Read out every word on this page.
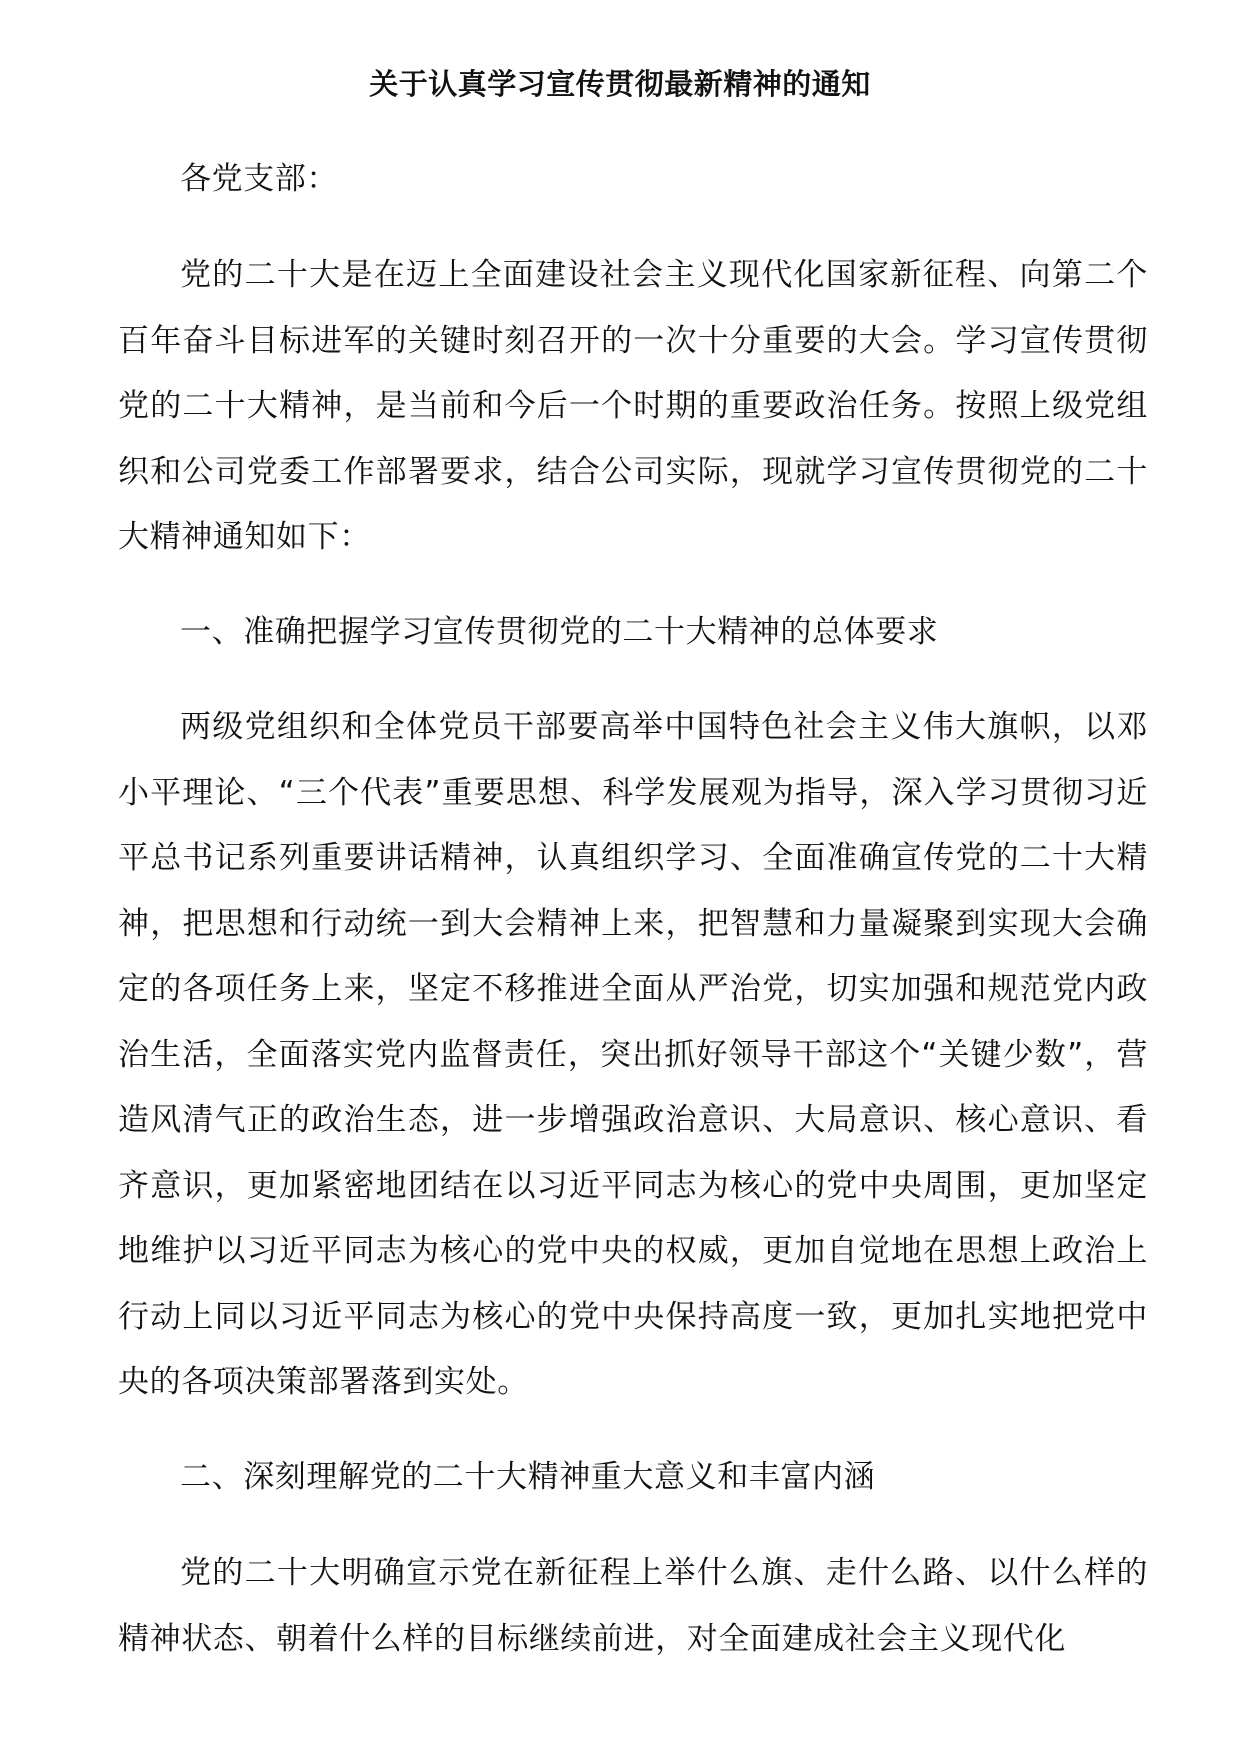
关于认真学习宣传贯彻最新精神的通知

各党支部：

党的二十大是在迈上全面建设社会主义现代化国家新征程、向第二个百年奋斗目标进军的关键时刻召开的一次十分重要的大会。学习宣传贯彻党的二十大精神，是当前和今后一个时期的重要政治任务。按照上级党组织和公司党委工作部署要求，结合公司实际，现就学习宣传贯彻党的二十大精神通知如下：

一、准确把握学习宣传贯彻党的二十大精神的总体要求

两级党组织和全体党员干部要高举中国特色社会主义伟大旗帜，以邓小平理论、“三个代表”重要思想、科学发展观为指导，深入学习贯彻习近平总书记系列重要讲话精神，认真组织学习、全面准确宣传党的二十大精神，把思想和行动统一到大会精神上来，把智慧和力量凝聚到实现大会确定的各项任务上来，坚定不移推进全面从严治党，切实加强和规范党内政治生活，全面落实党内监督责任，突出抓好领导干部这个“关键少数”，营造风清气正的政治生态，进一步增强政治意识、大局意识、核心意识、看齐意识，更加紧密地团结在以习近平同志为核心的党中央周围，更加坚定地维护以习近平同志为核心的党中央的权威，更加自觉地在思想上政治上行动上同以习近平同志为核心的党中央保持高度一致，更加扎实地把党中央的各项决策部署落到实处。

二、深刻理解党的二十大精神重大意义和丰富内涵

党的二十大明确宣示党在新征程上举什么旗、走什么路、以什么样的精神状态、朝着什么样的目标继续前进，对全面建成社会主义现代化
